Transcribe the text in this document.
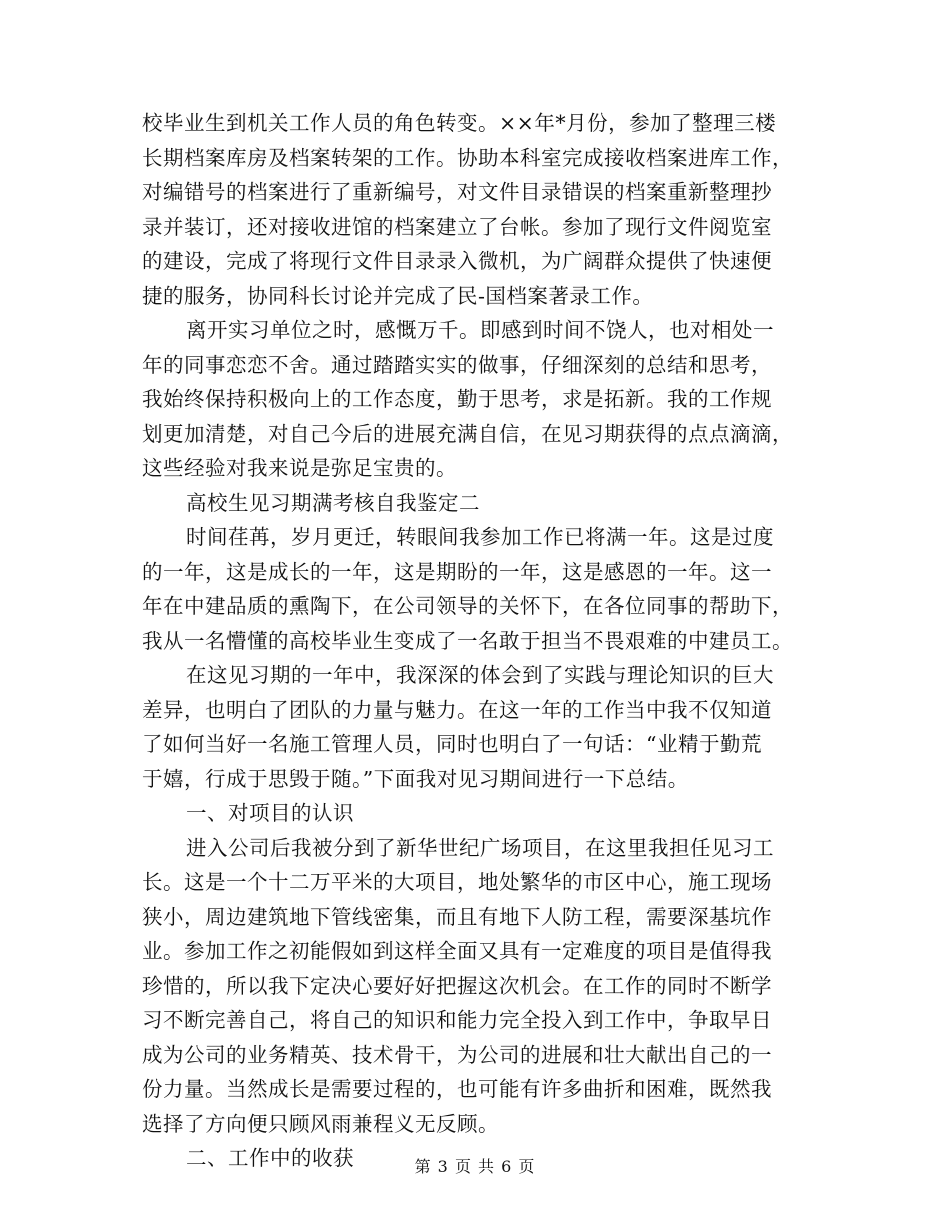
校毕业生到机关工作人员的角色转变。××年*月份，参加了整理三楼
长期档案库房及档案转架的工作。协助本科室完成接收档案进库工作，
对编错号的档案进行了重新编号，对文件目录错误的档案重新整理抄
录并装订，还对接收进馆的档案建立了台帐。参加了现行文件阅览室
的建设，完成了将现行文件目录录入微机，为广阔群众提供了快速便
捷的服务，协同科长讨论并完成了民-国档案著录工作。
离开实习单位之时，感慨万千。即感到时间不饶人，也对相处一
年的同事恋恋不舍。通过踏踏实实的做事，仔细深刻的总结和思考，
我始终保持积极向上的工作态度，勤于思考，求是拓新。我的工作规
划更加清楚，对自己今后的进展充满自信，在见习期获得的点点滴滴，
这些经验对我来说是弥足宝贵的。
高校生见习期满考核自我鉴定二
时间荏苒，岁月更迁，转眼间我参加工作已将满一年。这是过度
的一年，这是成长的一年，这是期盼的一年，这是感恩的一年。这一
年在中建品质的熏陶下，在公司领导的关怀下，在各位同事的帮助下，
我从一名懵懂的高校毕业生变成了一名敢于担当不畏艰难的中建员工。
在这见习期的一年中，我深深的体会到了实践与理论知识的巨大
差异，也明白了团队的力量与魅力。在这一年的工作当中我不仅知道
了如何当好一名施工管理人员，同时也明白了一句话：“业精于勤荒
于嬉，行成于思毁于随。”下面我对见习期间进行一下总结。
一、对项目的认识
进入公司后我被分到了新华世纪广场项目，在这里我担任见习工
长。这是一个十二万平米的大项目，地处繁华的市区中心，施工现场
狭小，周边建筑地下管线密集，而且有地下人防工程，需要深基坑作
业。参加工作之初能假如到这样全面又具有一定难度的项目是值得我
珍惜的，所以我下定决心要好好把握这次机会。在工作的同时不断学
习不断完善自己，将自己的知识和能力完全投入到工作中，争取早日
成为公司的业务精英、技术骨干，为公司的进展和壮大献出自己的一
份力量。当然成长是需要过程的，也可能有许多曲折和困难，既然我
选择了方向便只顾风雨兼程义无反顾。
二、工作中的收获	第 3 页 共 6 页
